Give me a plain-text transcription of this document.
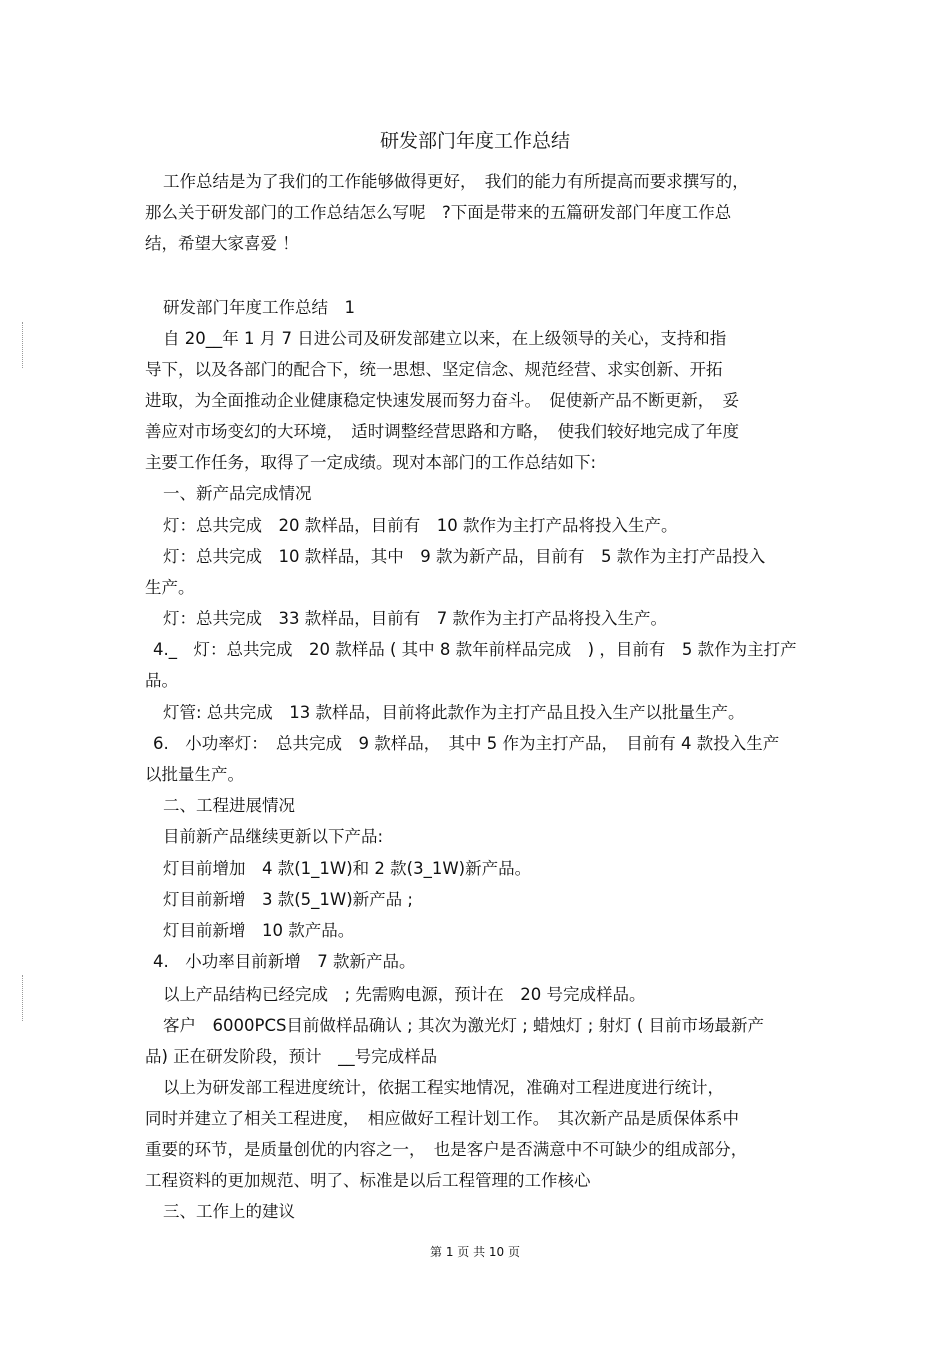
研发部门年度工作总结
工作总结是为了我们的工作能够做得更好，　我们的能力有所提高而要求撰写的，
那么关于研发部门的工作总结怎么写呢　?下面是带来的五篇研发部门年度工作总
结，希望大家喜爱 ！
研发部门年度工作总结　1
自 20__年 1 月 7 日进公司及研发部建立以来，在上级领导的关心，支持和指
导下，以及各部门的配合下，统一思想、坚定信念、规范经营、求实创新、开拓
进取，为全面推动企业健康稳定快速发展而努力奋斗。　促使新产品不断更新，　妥
善应对市场变幻的大环境，　适时调整经营思路和方略，　使我们较好地完成了年度
主要工作任务，取得了一定成绩。现对本部门的工作总结如下:
一、新产品完成情况
灯：总共完成　20 款样品，目前有　10 款作为主打产品将投入生产。
灯：总共完成　10 款样品，其中　9 款为新产品，目前有　5 款作为主打产品投入
生产。
灯：总共完成　33 款样品，目前有　7 款作为主打产品将投入生产。
4._　灯：总共完成　20 款样品 ( 其中 8 款年前样品完成　) ，目前有　5 款作为主打产
品。
灯管: 总共完成　13 款样品，目前将此款作为主打产品且投入生产以批量生产。
6.　小功率灯：　总共完成　9 款样品，　其中 5 作为主打产品，　目前有 4 款投入生产
以批量生产。
二、工程进展情况
目前新产品继续更新以下产品:
灯目前增加　4 款(1_1W)和 2 款(3_1W)新产品。
灯目前新增　3 款(5_1W)新产品 ;
灯目前新增　10 款产品。
4.　小功率目前新增　7 款新产品。
以上产品结构已经完成　; 先需购电源，预计在　20 号完成样品。
客户　6000PCS目前做样品确认 ; 其次为激光灯 ; 蜡烛灯 ; 射灯 ( 目前市场最新产
品) 正在研发阶段，预计　__号完成样品
以上为研发部工程进度统计，依据工程实地情况，准确对工程进度进行统计，
同时并建立了相关工程进度，　相应做好工程计划工作。　其次新产品是质保体系中
重要的环节，是质量创优的内容之一，　也是客户是否满意中不可缺少的组成部分，
工程资料的更加规范、明了、标准是以后工程管理的工作核心
三、工作上的建议
第 1 页 共 10 页
